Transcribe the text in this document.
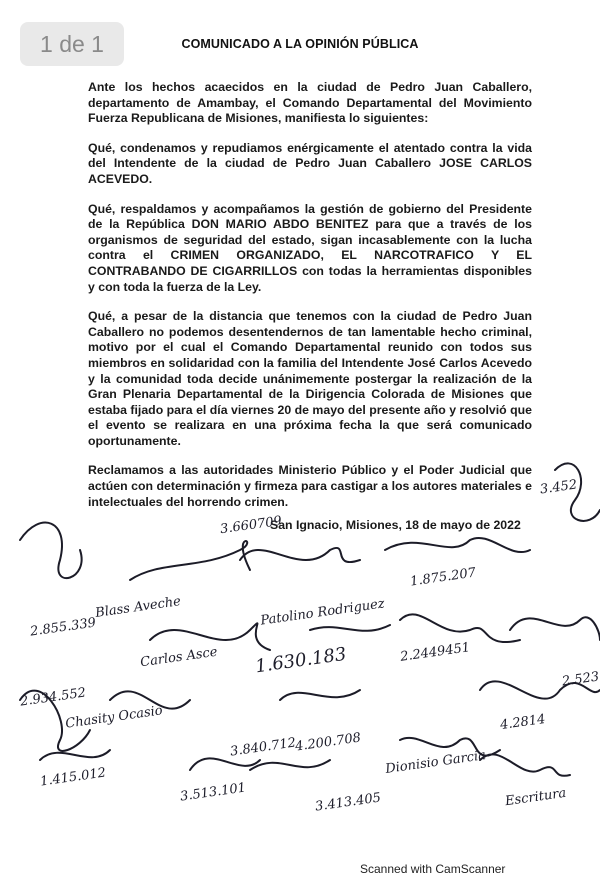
1 de 1	COMUNICADO A LA OPINIÓN PÚBLICA

Ante los hechos acaecidos en la ciudad de Pedro Juan Caballero, departamento de Amambay, el Comando Departamental del Movimiento Fuerza Republicana de Misiones, manifiesta lo siguientes:

Qué, condenamos y repudiamos enérgicamente el atentado contra la vida del Intendente de la ciudad de Pedro Juan Caballero JOSE CARLOS ACEVEDO.

Qué, respaldamos y acompañamos la gestión de gobierno del Presidente de la República DON MARIO ABDO BENITEZ para que a través de los organismos de seguridad del estado, sigan incasablemente con la lucha contra el CRIMEN ORGANIZADO, EL NARCOTRAFICO Y EL CONTRABANDO DE CIGARRILLOS con todas la herramientas disponibles y con toda la fuerza de la Ley.

Qué, a pesar de la distancia que tenemos con la ciudad de Pedro Juan Caballero no podemos desentendernos de tan lamentable hecho criminal, motivo por el cual el Comando Departamental reunido con todos sus miembros en solidaridad con la familia del Intendente José Carlos Acevedo y la comunidad toda decide unánimemente postergar la realización de la Gran Plenaria Departamental de la Dirigencia Colorada de Misiones que estaba fijado para el día viernes 20 de mayo del presente año y resolvió que el evento se realizara en una próxima fecha la que será comunicado oportunamente.

Reclamamos a las autoridades Ministerio Público y el Poder Judicial que actúen con determinación y firmeza para castigar a los autores materiales e intelectuales del horrendo crimen.

San Ignacio, Misiones, 18 de mayo de 2022
3.660709
Blass Aveche	Patolino Rodriguez
1.875.207
2.855.339
Carlos Asce 1.630.183	2.2449451
4.200.708
4.2814
Dionisio Garcia
Chasity Ocasio
3.840.712
1.415.012
2.934.552
3.513.101	3.413.405	Escritura
2.523
3.452
Scanned with CamScanner
